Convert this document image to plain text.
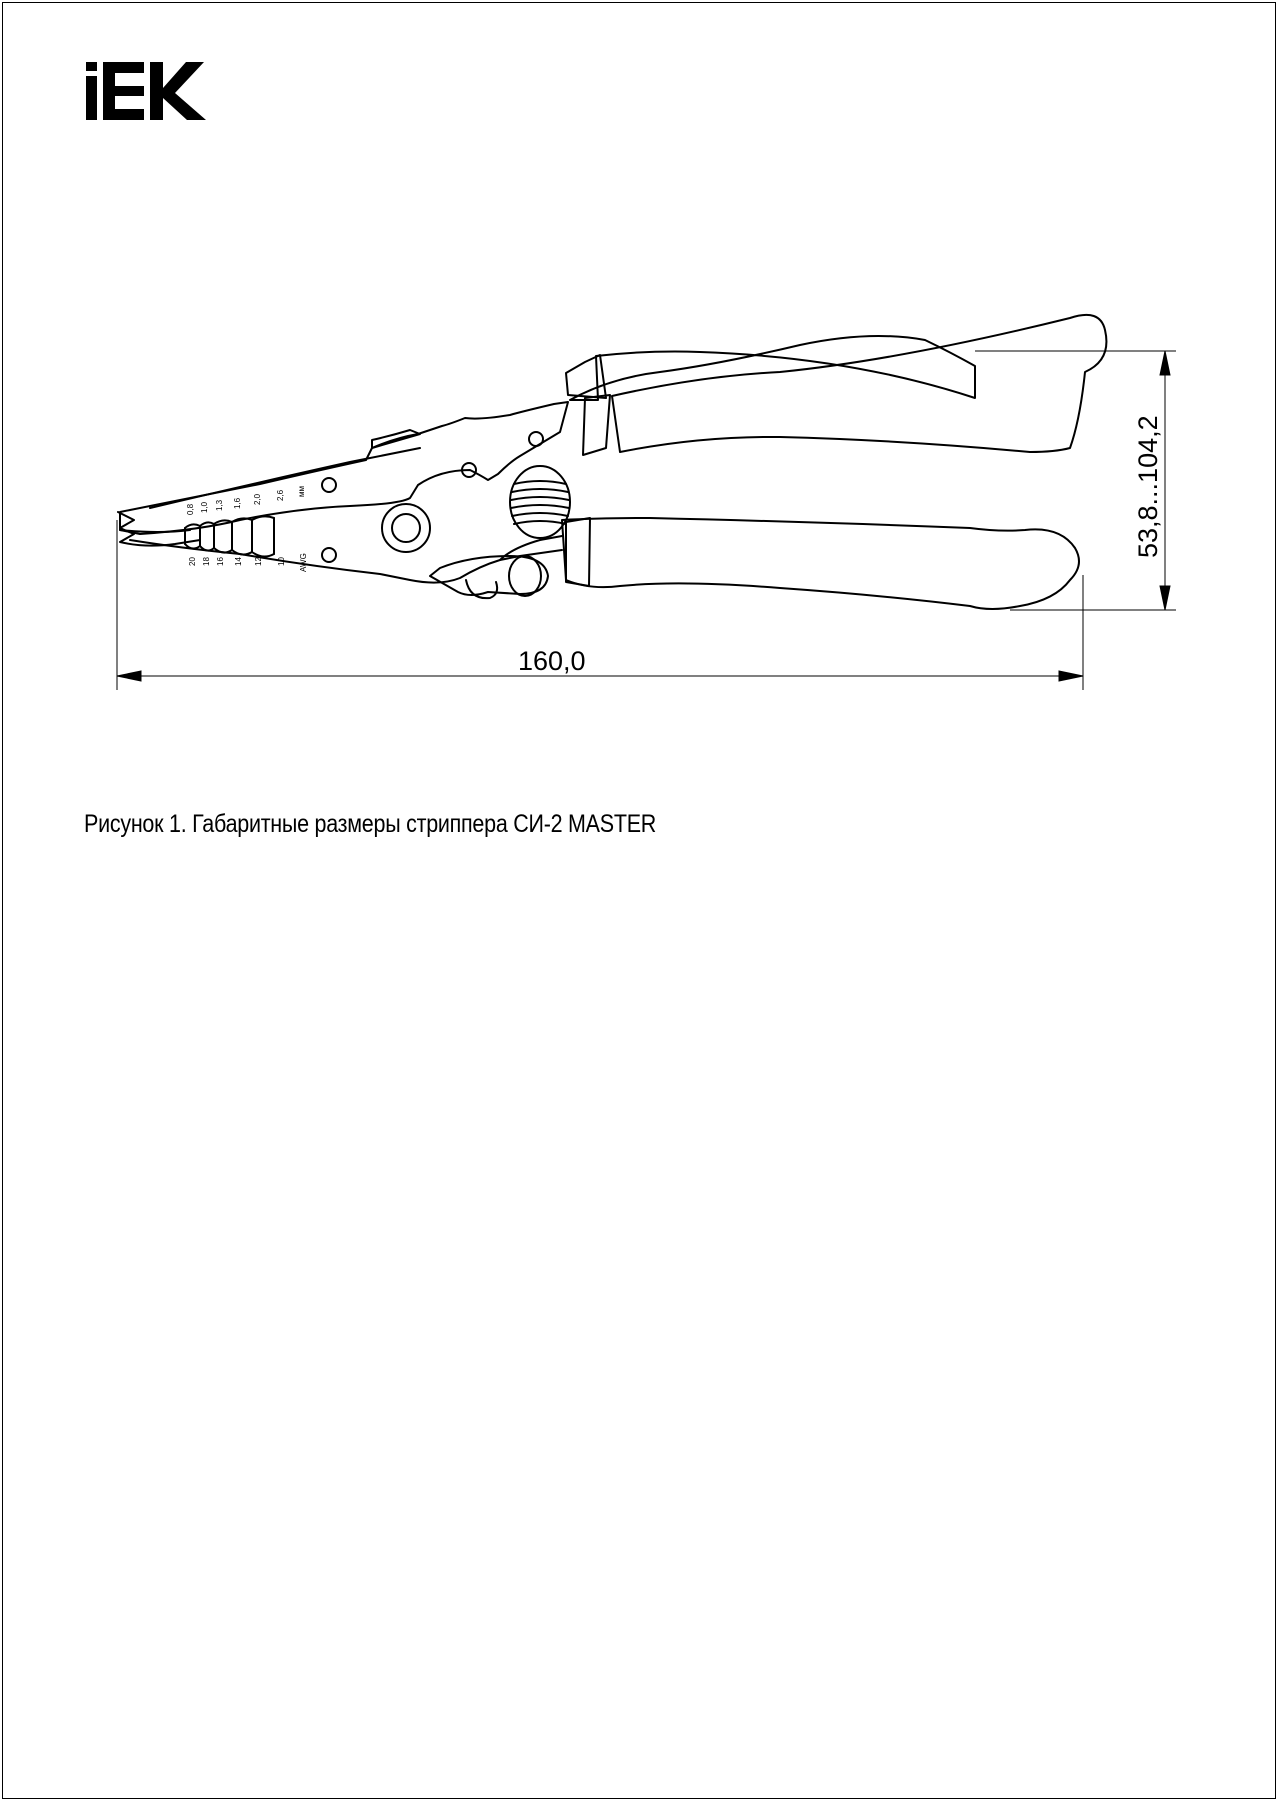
0,8 1,0 1,3 1,6 2,0 2,6 мм
20 18 16 14 12 10 AWG
160,0
53,8...104,2
Рисунок 1. Габаритные размеры стриппера СИ-2 MASTER
